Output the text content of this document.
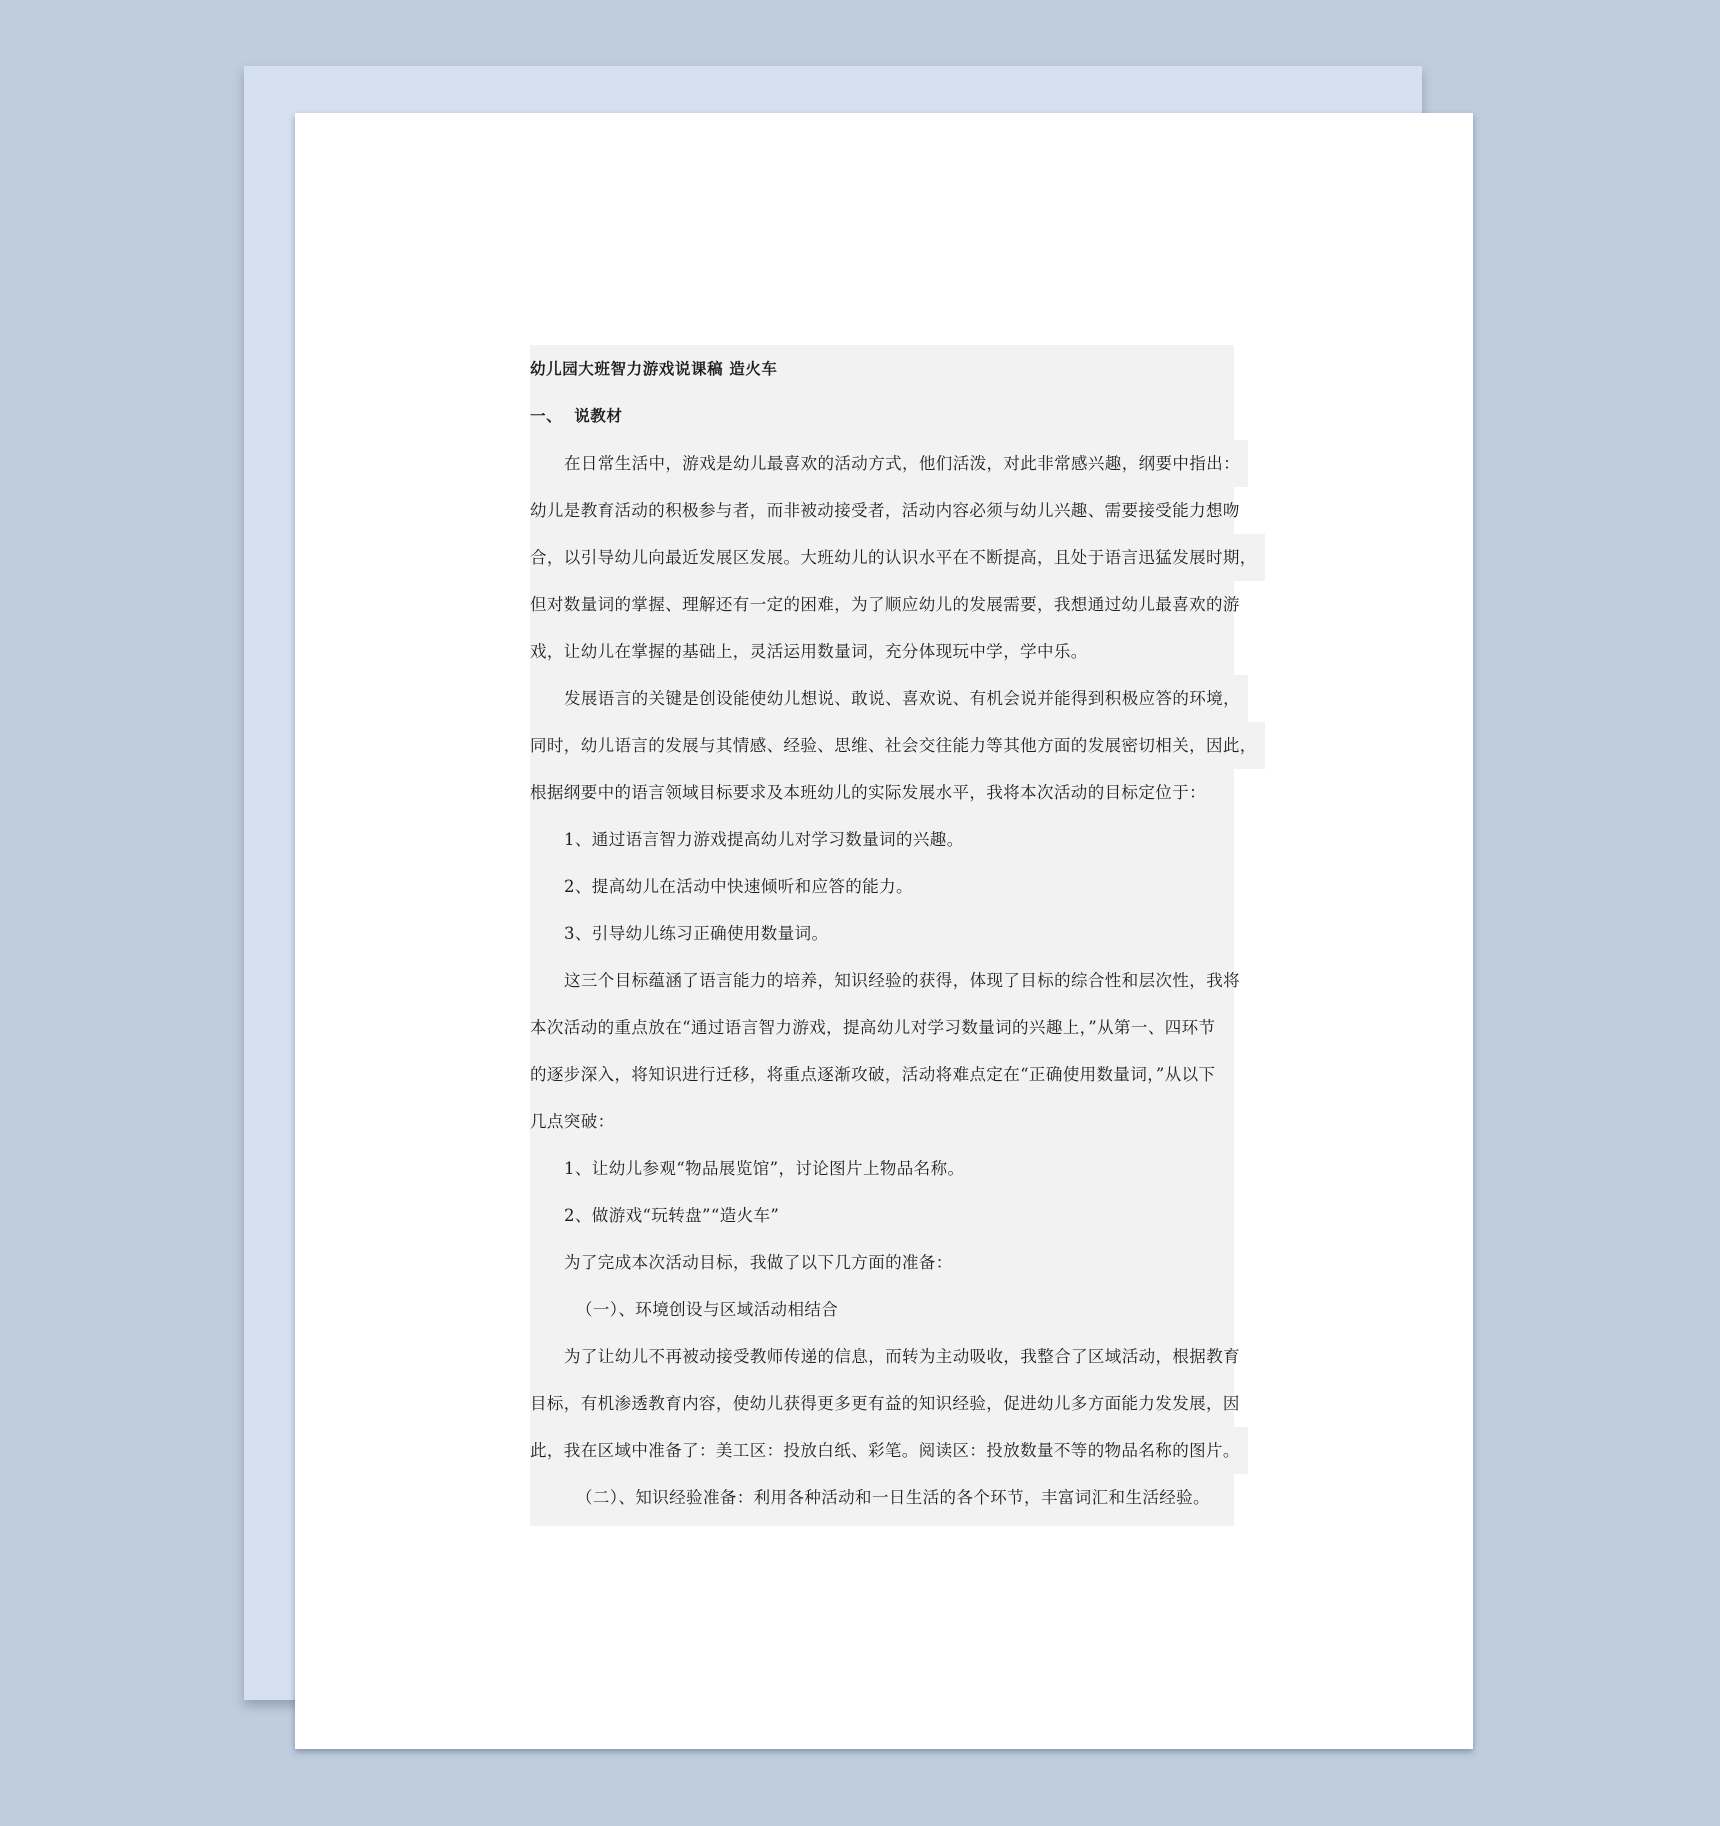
幼儿园大班智力游戏说课稿 造火车
一、  说教材
在日常生活中，游戏是幼儿最喜欢的活动方式，他们活泼，对此非常感兴趣，纲要中指出：
幼儿是教育活动的积极参与者，而非被动接受者，活动内容必须与幼儿兴趣、需要接受能力想吻
合，以引导幼儿向最近发展区发展。大班幼儿的认识水平在不断提高，且处于语言迅猛发展时期，
但对数量词的掌握、理解还有一定的困难，为了顺应幼儿的发展需要，我想通过幼儿最喜欢的游
戏，让幼儿在掌握的基础上，灵活运用数量词，充分体现玩中学，学中乐。
发展语言的关键是创设能使幼儿想说、敢说、喜欢说、有机会说并能得到积极应答的环境，
同时，幼儿语言的发展与其情感、经验、思维、社会交往能力等其他方面的发展密切相关，因此，
根据纲要中的语言领域目标要求及本班幼儿的实际发展水平，我将本次活动的目标定位于：
1、通过语言智力游戏提高幼儿对学习数量词的兴趣。
2、提高幼儿在活动中快速倾听和应答的能力。
3、引导幼儿练习正确使用数量词。
这三个目标蕴涵了语言能力的培养，知识经验的获得，体现了目标的综合性和层次性，我将
本次活动的重点放在“通过语言智力游戏，提高幼儿对学习数量词的兴趣上，”从第一、四环节
的逐步深入，将知识进行迁移，将重点逐渐攻破，活动将难点定在“正确使用数量词，”从以下
几点突破：
1、让幼儿参观“物品展览馆”，讨论图片上物品名称。
2、做游戏“玩转盘”“造火车”
为了完成本次活动目标，我做了以下几方面的准备：
（一）、环境创设与区域活动相结合
为了让幼儿不再被动接受教师传递的信息，而转为主动吸收，我整合了区域活动，根据教育
目标，有机渗透教育内容，使幼儿获得更多更有益的知识经验，促进幼儿多方面能力发发展，因
此，我在区域中准备了：美工区：投放白纸、彩笔。阅读区：投放数量不等的物品名称的图片。
（二）、知识经验准备：利用各种活动和一日生活的各个环节，丰富词汇和生活经验。
